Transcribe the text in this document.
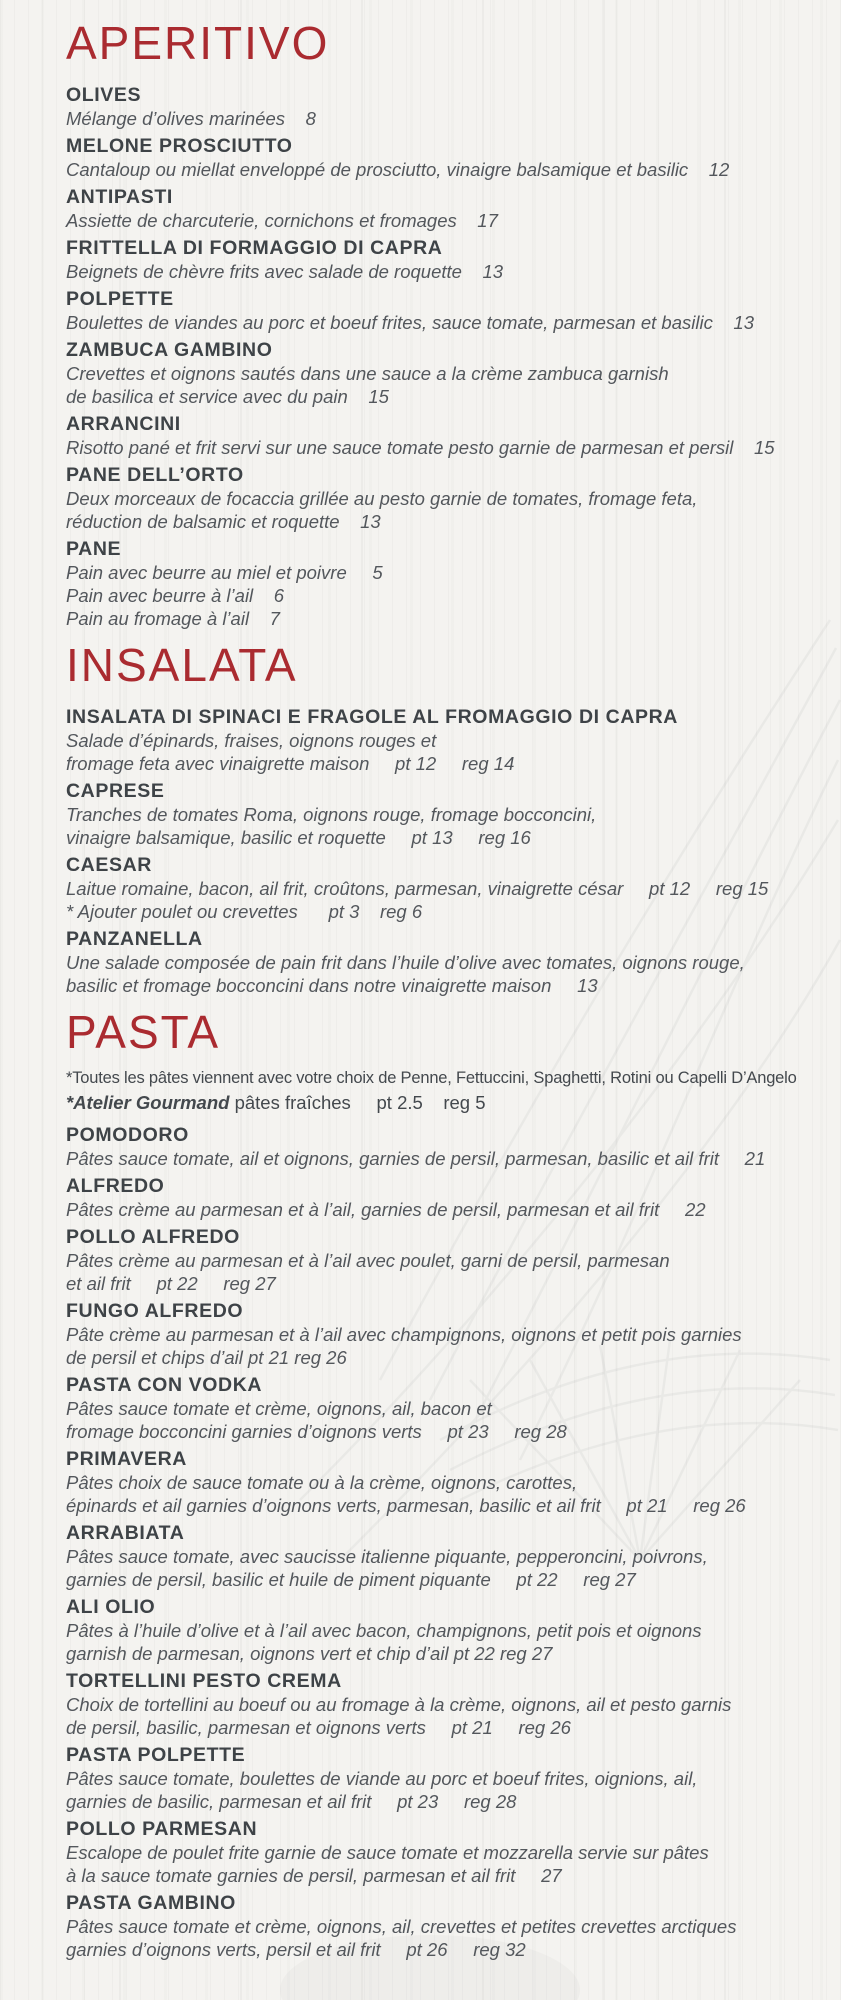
APERITIVO
OLIVES
Mélange d’olives marinées    8
MELONE PROSCIUTTO
Cantaloup ou miellat enveloppé de prosciutto, vinaigre balsamique et basilic    12
ANTIPASTI
Assiette de charcuterie, cornichons et fromages    17
FRITTELLA DI FORMAGGIO DI CAPRA
Beignets de chèvre frits avec salade de roquette    13
POLPETTE
Boulettes de viandes au porc et boeuf frites, sauce tomate, parmesan et basilic    13
ZAMBUCA GAMBINO
Crevettes et oignons sautés dans une sauce a la crème zambuca garnish
de basilica et service avec du pain    15
ARRANCINI
Risotto pané et frit servi sur une sauce tomate pesto garnie de parmesan et persil    15
PANE DELL’ORTO
Deux morceaux de focaccia grillée au pesto garnie de tomates, fromage feta,
réduction de balsamic et roquette    13
PANE
Pain avec beurre au miel et poivre     5
Pain avec beurre à l’ail    6
Pain au fromage à l’ail    7
INSALATA
INSALATA DI SPINACI E FRAGOLE AL FROMAGGIO DI CAPRA
Salade d’épinards, fraises, oignons rouges et
fromage feta avec vinaigrette maison     pt 12     reg 14
CAPRESE
Tranches de tomates Roma, oignons rouge, fromage bocconcini,
vinaigre balsamique, basilic et roquette     pt 13     reg 16
CAESAR
Laitue romaine, bacon, ail frit, croûtons, parmesan, vinaigrette césar     pt 12     reg 15
* Ajouter poulet ou crevettes      pt 3    reg 6
PANZANELLA
Une salade composée de pain frit dans l’huile d’olive avec tomates, oignons rouge,
basilic et fromage bocconcini dans notre vinaigrette maison     13
PASTA
*Toutes les pâtes viennent avec votre choix de Penne, Fettuccini, Spaghetti, Rotini ou Capelli D’Angelo
*Atelier Gourmand pâtes fraîches     pt 2.5    reg 5
POMODORO
Pâtes sauce tomate, ail et oignons, garnies de persil, parmesan, basilic et ail frit     21
ALFREDO
Pâtes crème au parmesan et à l’ail, garnies de persil, parmesan et ail frit     22
POLLO ALFREDO
Pâtes crème au parmesan et à l’ail avec poulet, garni de persil, parmesan
et ail frit     pt 22     reg 27
FUNGO ALFREDO
Pâte crème au parmesan et à l’ail avec champignons, oignons et petit pois garnies
de persil et chips d’ail pt 21 reg 26
PASTA CON VODKA
Pâtes sauce tomate et crème, oignons, ail, bacon et
fromage bocconcini garnies d’oignons verts     pt 23     reg 28
PRIMAVERA
Pâtes choix de sauce tomate ou à la crème, oignons, carottes,
épinards et ail garnies d’oignons verts, parmesan, basilic et ail frit     pt 21     reg 26
ARRABIATA
Pâtes sauce tomate, avec saucisse italienne piquante, pepperoncini, poivrons,
garnies de persil, basilic et huile de piment piquante     pt 22     reg 27
ALI OLIO
Pâtes à l’huile d’olive et à l’ail avec bacon, champignons, petit pois et oignons
garnish de parmesan, oignons vert et chip d’ail pt 22 reg 27
TORTELLINI PESTO CREMA
Choix de tortellini au boeuf ou au fromage à la crème, oignons, ail et pesto garnis
de persil, basilic, parmesan et oignons verts     pt 21     reg 26
PASTA POLPETTE
Pâtes sauce tomate, boulettes de viande au porc et boeuf frites, oignions, ail,
garnies de basilic, parmesan et ail frit     pt 23     reg 28
POLLO PARMESAN
Escalope de poulet frite garnie de sauce tomate et mozzarella servie sur pâtes
à la sauce tomate garnies de persil, parmesan et ail frit     27
PASTA GAMBINO
Pâtes sauce tomate et crème, oignons, ail, crevettes et petites crevettes arctiques
garnies d’oignons verts, persil et ail frit     pt 26     reg 32
